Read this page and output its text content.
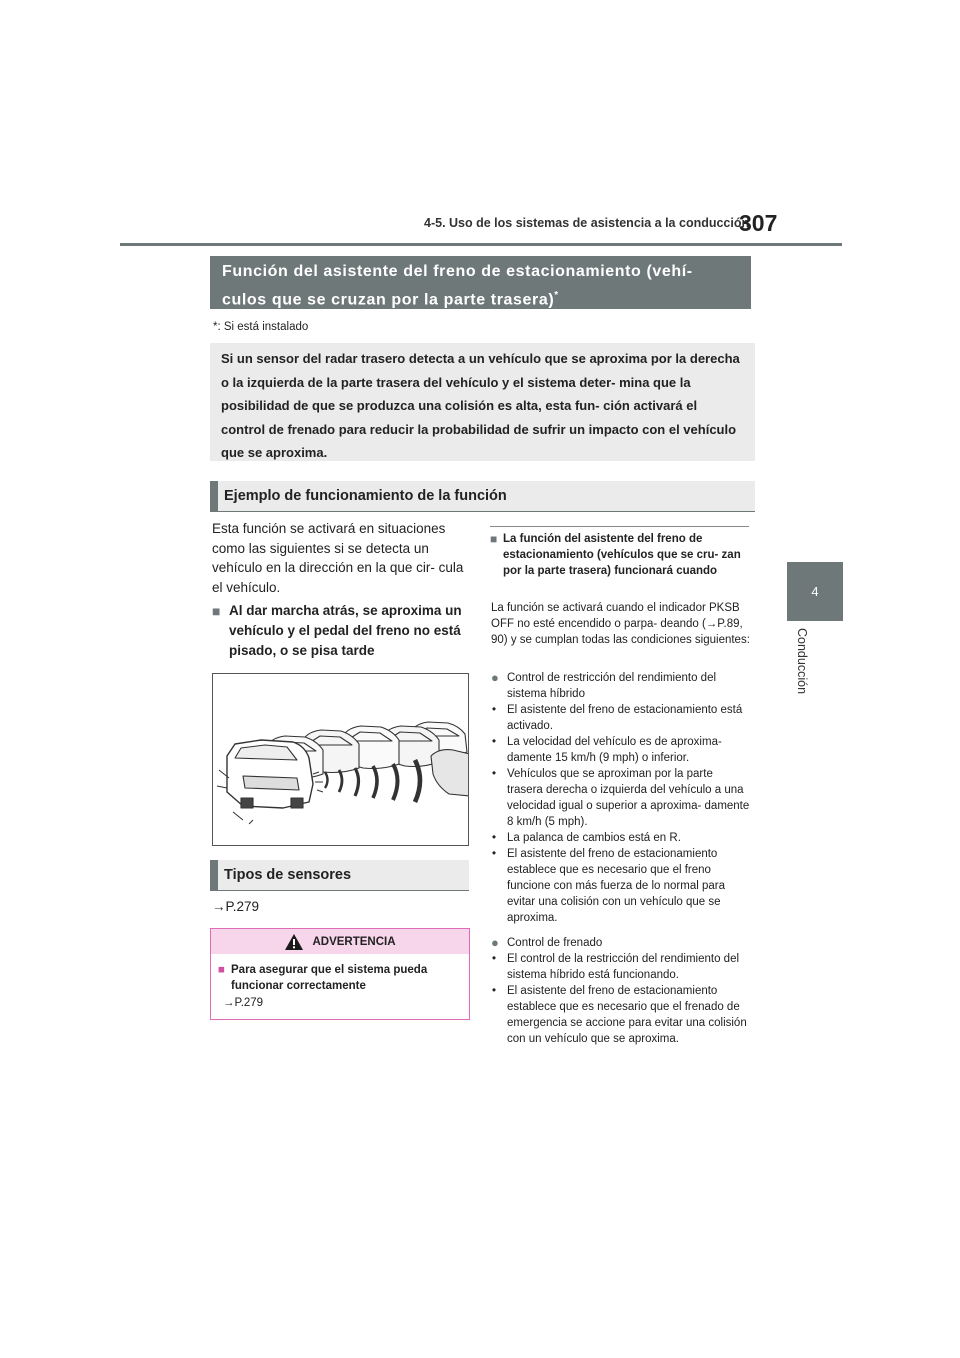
4-5. Uso de los sistemas de asistencia a la conducción
307
4
Conducción
Función del asistente del freno de estacionamiento (vehí- culos que se cruzan por la parte trasera)*
*: Si está instalado
Si un sensor del radar trasero detecta a un vehículo que se aproxima por la derecha o la izquierda de la parte trasera del vehículo y el sistema deter- mina que la posibilidad de que se produzca una colisión es alta, esta fun- ción activará el control de frenado para reducir la probabilidad de sufrir un impacto con el vehículo que se aproxima.
Ejemplo de funcionamiento de la función
Esta función se activará en situaciones como las siguientes si se detecta un vehículo en la dirección en la que cir- cula el vehículo.
■ Al dar marcha atrás, se aproxima un vehículo y el pedal del freno no está pisado, o se pisa tarde
Tipos de sensores
→P.279
ADVERTENCIA
■ Para asegurar que el sistema pueda funcionar correctamente
→P.279
■ La función del asistente del freno de estacionamiento (vehículos que se cru- zan por la parte trasera) funcionará cuando
La función se activará cuando el indicador PKSB OFF no esté encendido o parpa- deando (→P.89, 90) y se cumplan todas las condiciones siguientes:
● Control de restricción del rendimiento del sistema híbrido
• El asistente del freno de estacionamiento está activado.
• La velocidad del vehículo es de aproxima- damente 15 km/h (9 mph) o inferior.
• Vehículos que se aproximan por la parte trasera derecha o izquierda del vehículo a una velocidad igual o superior a aproxima- damente 8 km/h (5 mph).
• La palanca de cambios está en R.
• El asistente del freno de estacionamiento establece que es necesario que el freno funcione con más fuerza de lo normal para evitar una colisión con un vehículo que se aproxima.
● Control de frenado
• El control de la restricción del rendimiento del sistema híbrido está funcionando.
• El asistente del freno de estacionamiento establece que es necesario que el frenado de emergencia se accione para evitar una colisión con un vehículo que se aproxima.
